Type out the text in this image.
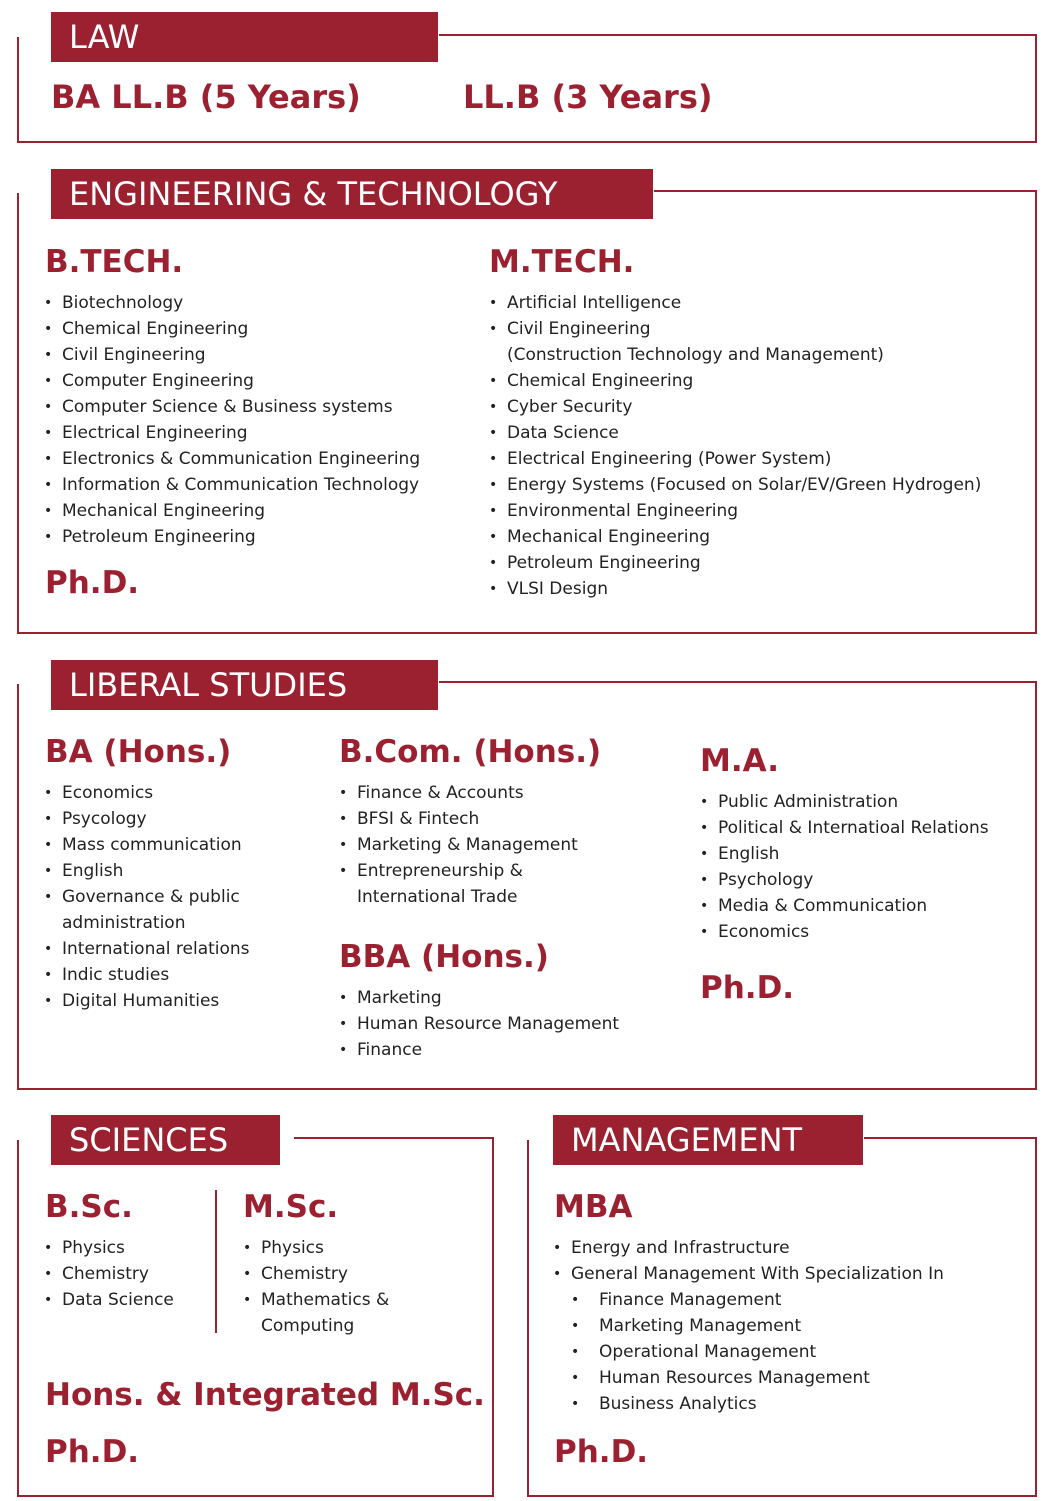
LAW
BA LL.B (5 Years)	LL.B (3 Years)
ENGINEERING & TECHNOLOGY
B.TECH.
• Biotechnology
• Chemical Engineering
• Civil Engineering
• Computer Engineering
• Computer Science & Business systems
• Electrical Engineering
• Electronics & Communication Engineering
• Information & Communication Technology
• Mechanical Engineering
• Petroleum Engineering
Ph.D.
M.TECH.
• Artificial Intelligence
• Civil Engineering
(Construction Technology and Management)
• Chemical Engineering
• Cyber Security
• Data Science
• Electrical Engineering (Power System)
• Energy Systems (Focused on Solar/EV/Green Hydrogen)
• Environmental Engineering
• Mechanical Engineering
• Petroleum Engineering
• VLSI Design
LIBERAL STUDIES
BA (Hons.)
• Economics
• Psycology
• Mass communication
• English
• Governance & public
administration
• International relations
• Indic studies
• Digital Humanities
B.Com. (Hons.)
• Finance & Accounts
• BFSI & Fintech
• Marketing & Management
• Entrepreneurship &
International Trade
BBA (Hons.)
• Marketing
• Human Resource Management
• Finance
M.A.
• Public Administration
• Political & Internatioal Relations
• English
• Psychology
• Media & Communication
• Economics
Ph.D.
SCIENCES
B.Sc.
• Physics
• Chemistry
• Data Science
M.Sc.
• Physics
• Chemistry
• Mathematics &
Computing
Hons. & Integrated M.Sc.
Ph.D.
MANAGEMENT
MBA
• Energy and Infrastructure
• General Management With Specialization In
• Finance Management
• Marketing Management
• Operational Management
• Human Resources Management
• Business Analytics
Ph.D.
